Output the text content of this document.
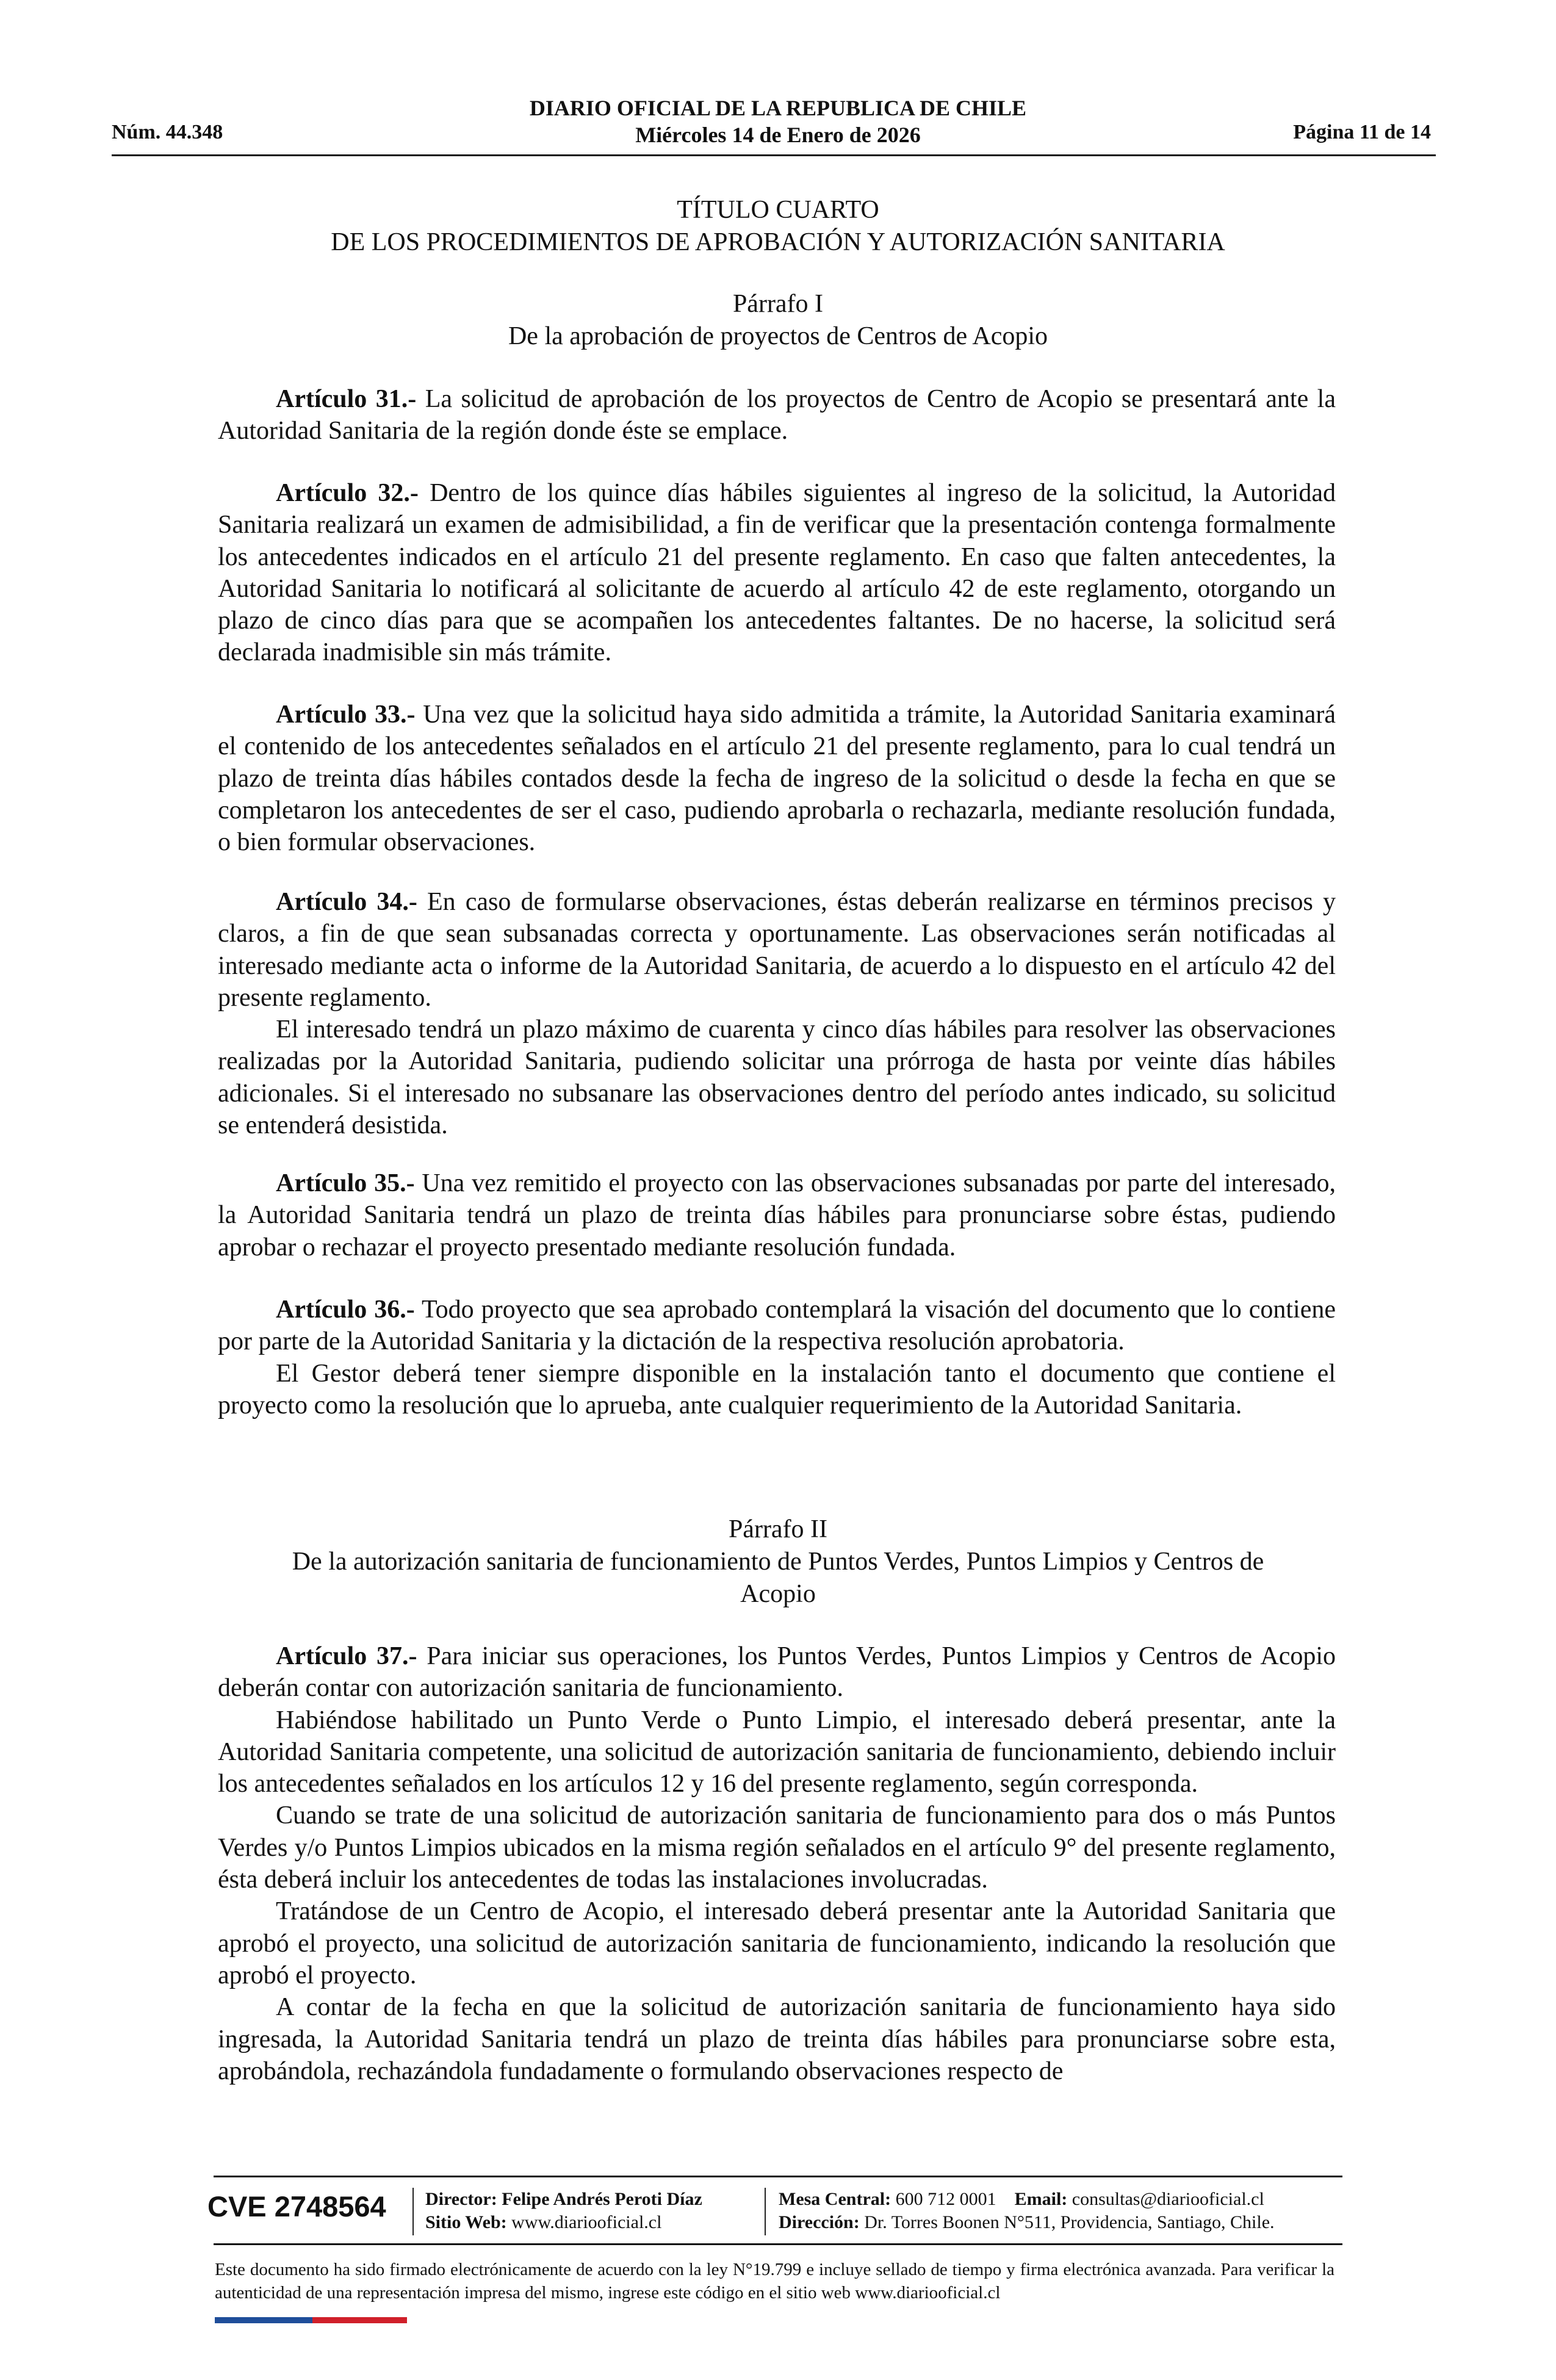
Núm. 44.348
DIARIO OFICIAL DE LA REPUBLICA DE CHILE
Miércoles 14 de Enero de 2026	Página 11 de 14
TÍTULO CUARTO
DE LOS PROCEDIMIENTOS DE APROBACIÓN Y AUTORIZACIÓN SANITARIA
Párrafo I
De la aprobación de proyectos de Centros de Acopio

Artículo 31.- La solicitud de aprobación de los proyectos de Centro de Acopio se presentará ante la Autoridad Sanitaria de la región donde éste se emplace.

Artículo 32.- Dentro de los quince días hábiles siguientes al ingreso de la solicitud, la Autoridad Sanitaria realizará un examen de admisibilidad, a fin de verificar que la presentación contenga formalmente los antecedentes indicados en el artículo 21 del presente reglamento. En caso que falten antecedentes, la Autoridad Sanitaria lo notificará al solicitante de acuerdo al artículo 42 de este reglamento, otorgando un plazo de cinco días para que se acompañen los antecedentes faltantes. De no hacerse, la solicitud será declarada inadmisible sin más trámite.

Artículo 33.- Una vez que la solicitud haya sido admitida a trámite, la Autoridad Sanitaria examinará el contenido de los antecedentes señalados en el artículo 21 del presente reglamento, para lo cual tendrá un plazo de treinta días hábiles contados desde la fecha de ingreso de la solicitud o desde la fecha en que se completaron los antecedentes de ser el caso, pudiendo aprobarla o rechazarla, mediante resolución fundada, o bien formular observaciones.

Artículo 34.- En caso de formularse observaciones, éstas deberán realizarse en términos precisos y claros, a fin de que sean subsanadas correcta y oportunamente. Las observaciones serán notificadas al interesado mediante acta o informe de la Autoridad Sanitaria, de acuerdo a lo dispuesto en el artículo 42 del presente reglamento.

El interesado tendrá un plazo máximo de cuarenta y cinco días hábiles para resolver las observaciones realizadas por la Autoridad Sanitaria, pudiendo solicitar una prórroga de hasta por veinte días hábiles adicionales. Si el interesado no subsanare las observaciones dentro del período antes indicado, su solicitud se entenderá desistida.

Artículo 35.- Una vez remitido el proyecto con las observaciones subsanadas por parte del interesado, la Autoridad Sanitaria tendrá un plazo de treinta días hábiles para pronunciarse sobre éstas, pudiendo aprobar o rechazar el proyecto presentado mediante resolución fundada.

Artículo 36.- Todo proyecto que sea aprobado contemplará la visación del documento que lo contiene por parte de la Autoridad Sanitaria y la dictación de la respectiva resolución aprobatoria.

El Gestor deberá tener siempre disponible en la instalación tanto el documento que contiene el proyecto como la resolución que lo aprueba, ante cualquier requerimiento de la Autoridad Sanitaria.

Párrafo II
De la autorización sanitaria de funcionamiento de Puntos Verdes, Puntos Limpios y Centros de
Acopio

Artículo 37.- Para iniciar sus operaciones, los Puntos Verdes, Puntos Limpios y Centros de Acopio deberán contar con autorización sanitaria de funcionamiento.

Habiéndose habilitado un Punto Verde o Punto Limpio, el interesado deberá presentar, ante la Autoridad Sanitaria competente, una solicitud de autorización sanitaria de funcionamiento, debiendo incluir los antecedentes señalados en los artículos 12 y 16 del presente reglamento, según corresponda.

Cuando se trate de una solicitud de autorización sanitaria de funcionamiento para dos o más Puntos Verdes y/o Puntos Limpios ubicados en la misma región señalados en el artículo 9° del presente reglamento, ésta deberá incluir los antecedentes de todas las instalaciones involucradas.

Tratándose de un Centro de Acopio, el interesado deberá presentar ante la Autoridad Sanitaria que aprobó el proyecto, una solicitud de autorización sanitaria de funcionamiento, indicando la resolución que aprobó el proyecto.

A contar de la fecha en que la solicitud de autorización sanitaria de funcionamiento haya sido ingresada, la Autoridad Sanitaria tendrá un plazo de treinta días hábiles para pronunciarse sobre esta, aprobándola, rechazándola fundadamente o formulando observaciones respecto de

CVE 2748564 Director: Felipe Andrés Peroti Díaz
Sitio Web: www.diariooficial.cl
Mesa Central: 600 712 0001 Email: consultas@diariooficial.cl
Dirección: Dr. Torres Boonen N°511, Providencia, Santiago, Chile.
Este documento ha sido firmado electrónicamente de acuerdo con la ley N°19.799 e incluye sellado de tiempo y firma electrónica avanzada. Para verificar la autenticidad de una representación impresa del mismo, ingrese este código en el sitio web www.diariooficial.cl
